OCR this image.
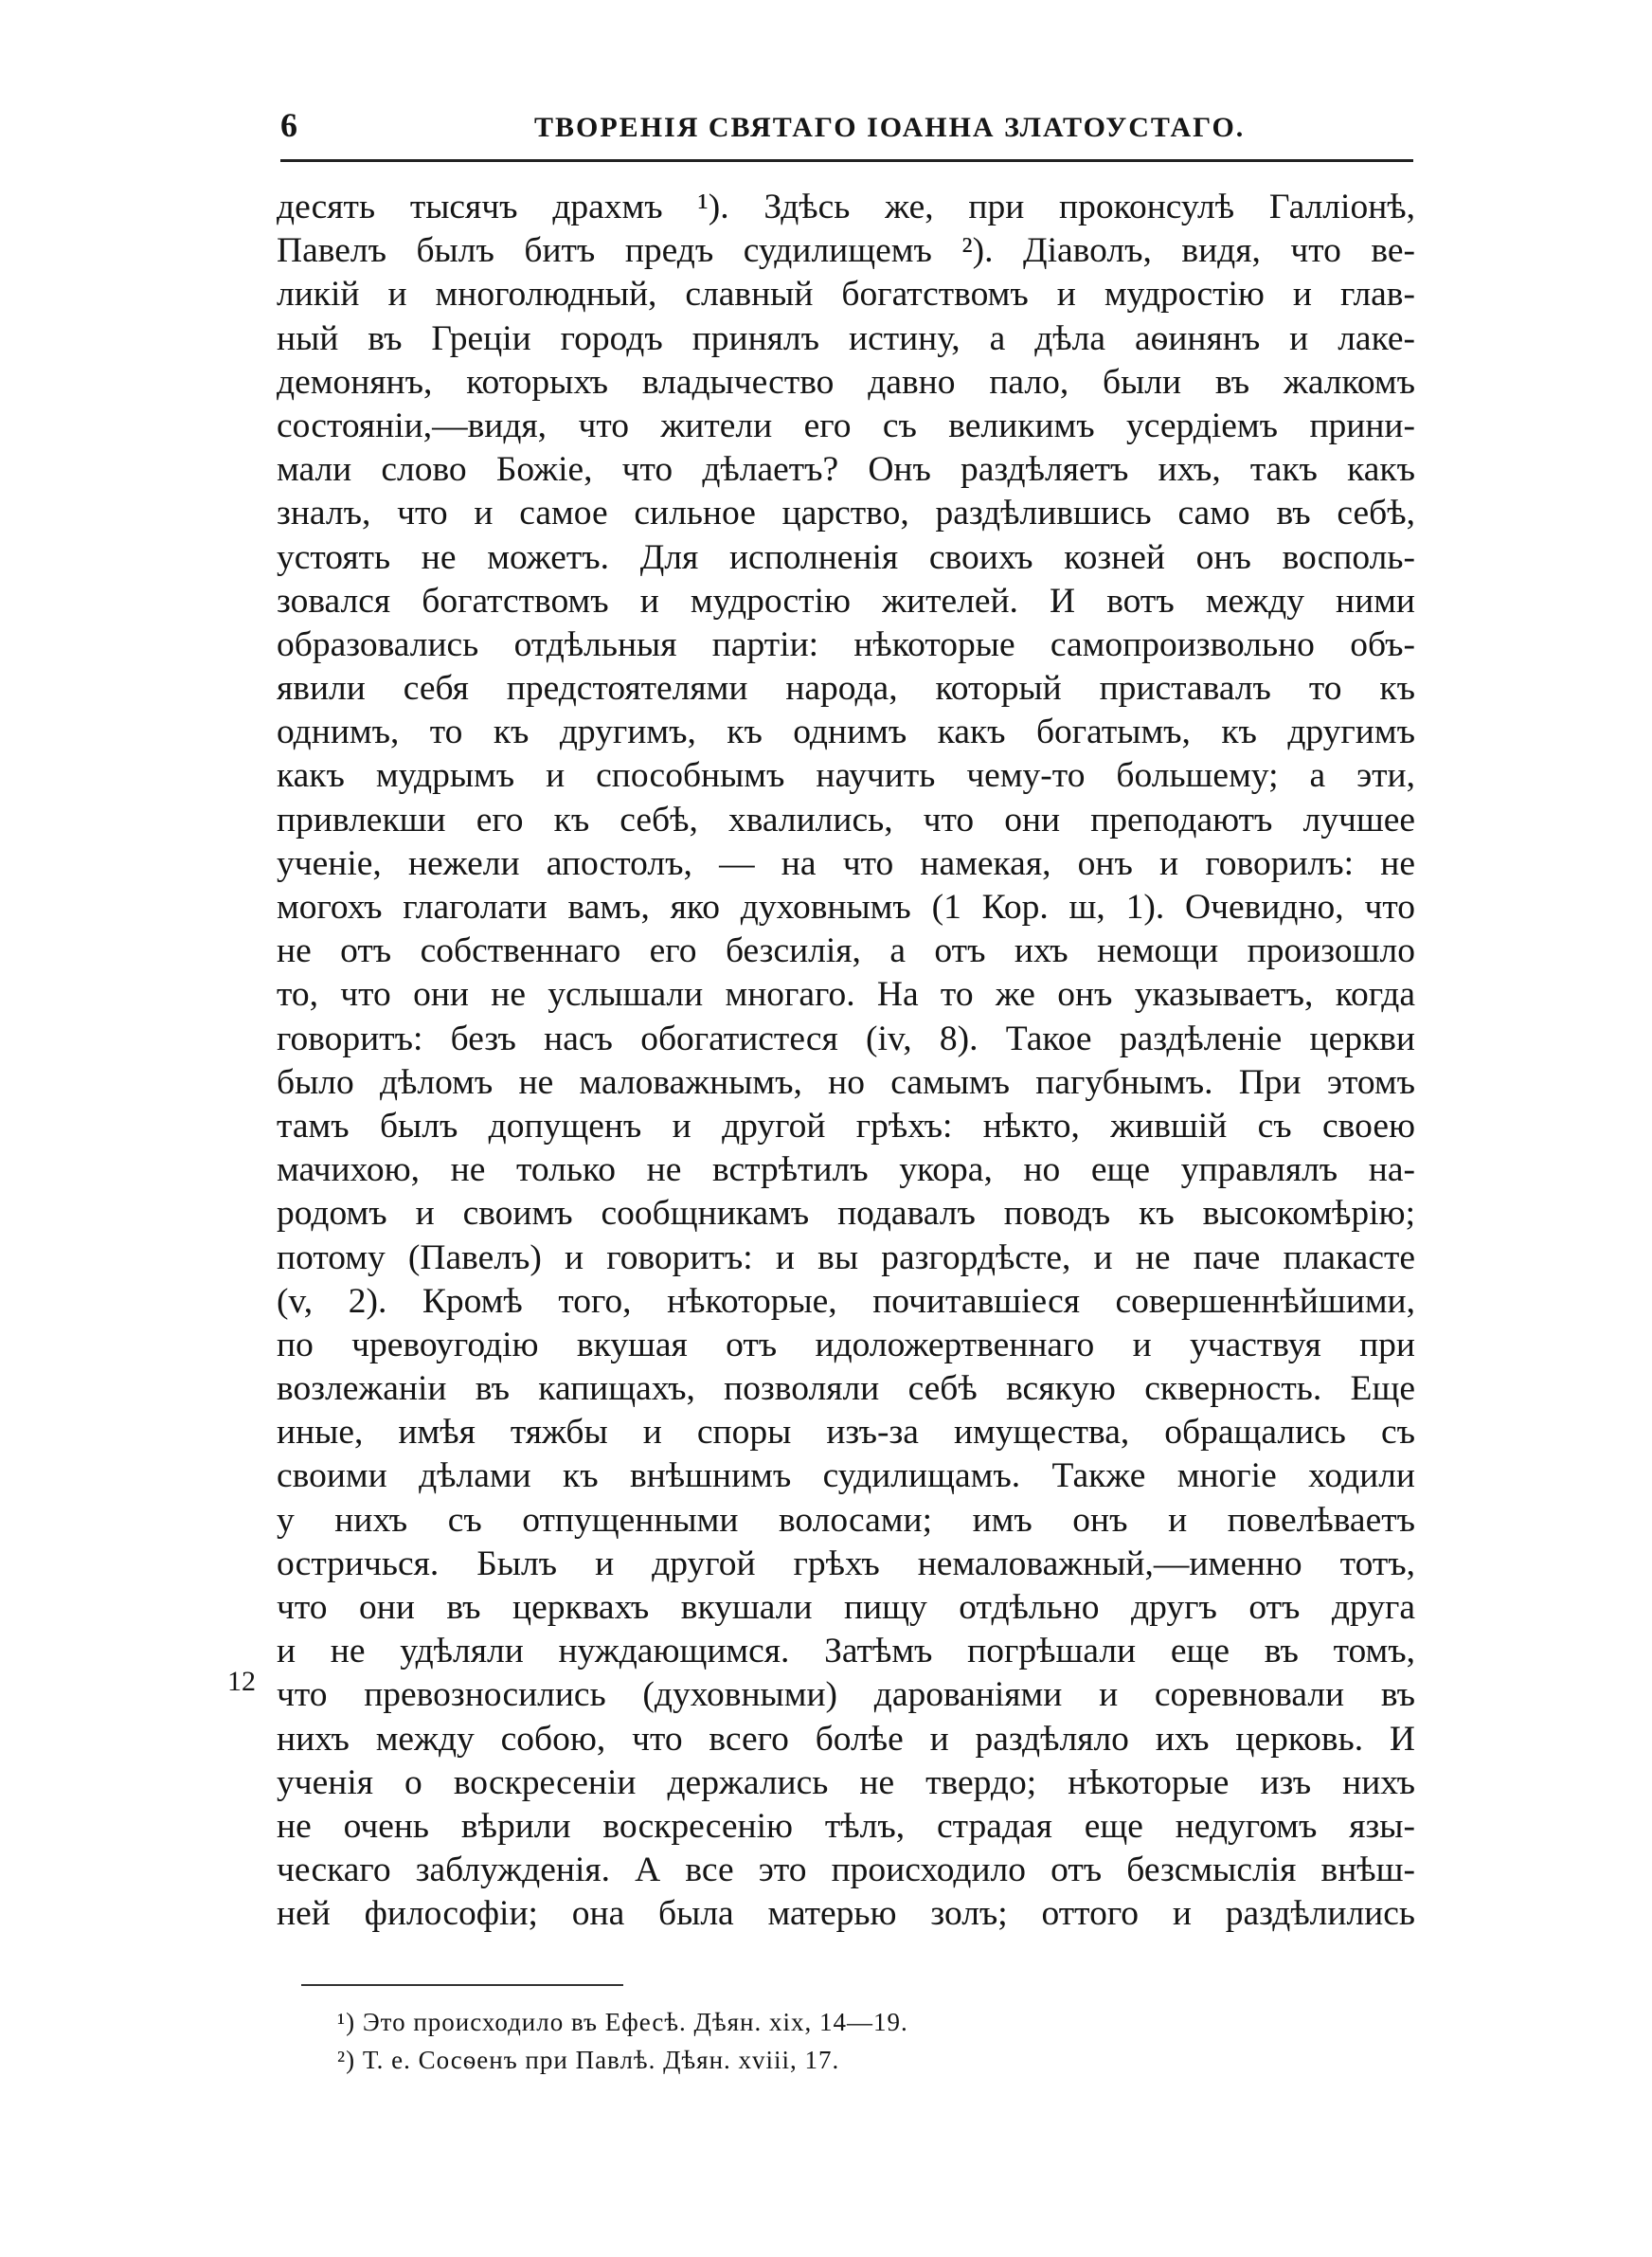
6	ТВОРЕНІЯ СВЯТАГО ІОАННА ЗЛАТОУСТАГО.
12
десять тысячъ драхмъ ¹). Здѣсь же, при проконсулѣ Галліонѣ,
Павелъ былъ битъ предъ судилищемъ ²). Діаволъ, видя, что ве-
ликій и многолюдный, славный богатствомъ и мудростію и глав-
ный въ Греціи городъ принялъ истину, а дѣла аѳинянъ и лаке-
демонянъ, которыхъ владычество давно пало, были въ жалкомъ
состояніи,—видя, что жители его съ великимъ усердіемъ прини-
мали слово Божіе, что дѣлаетъ? Онъ раздѣляетъ ихъ, такъ какъ
зналъ, что и самое сильное царство, раздѣлившись само въ себѣ,
устоять не можетъ. Для исполненія своихъ козней онъ восполь-
зовался богатствомъ и мудростію жителей. И вотъ между ними
образовались отдѣльныя партіи: нѣкоторые самопроизвольно объ-
явили себя предстоятелями народа, который приставалъ то къ
однимъ, то къ другимъ, къ однимъ какъ богатымъ, къ другимъ
какъ мудрымъ и способнымъ научить чему-то большему; а эти,
привлекши его къ себѣ, хвалились, что они преподаютъ лучшее
ученіе, нежели апостолъ, — на что намекая, онъ и говорилъ: не
могохъ глаголати вамъ, яко духовнымъ (1 Кор. ш, 1). Очевидно, что
не отъ собственнаго его безсилія, а отъ ихъ немощи произошло
то, что они не услышали многаго. На то же онъ указываетъ, когда
говоритъ: безъ насъ обогатистеся (iv, 8). Такое раздѣленіе церкви
было дѣломъ не маловажнымъ, но самымъ пагубнымъ. При этомъ
тамъ былъ допущенъ и другой грѣхъ: нѣкто, жившій съ своею
мачихою, не только не встрѣтилъ укора, но еще управлялъ на-
родомъ и своимъ сообщникамъ подавалъ поводъ къ высокомѣрію;
потому (Павелъ) и говоритъ: и вы разгордѣсте, и не паче плакасте
(v, 2). Кромѣ того, нѣкоторые, почитавшіеся совершеннѣйшими,
по чревоугодію вкушая отъ идоложертвеннаго и участвуя при
возлежаніи въ капищахъ, позволяли себѣ всякую скверность. Еще
иные, имѣя тяжбы и споры изъ-за имущества, обращались съ
своими дѣлами къ внѣшнимъ судилищамъ. Также многіе ходили
у нихъ съ отпущенными волосами; имъ онъ и повелѣваетъ
остричься. Былъ и другой грѣхъ немаловажный,—именно тотъ,
что они въ церквахъ вкушали пищу отдѣльно другъ отъ друга
и не удѣляли нуждающимся. Затѣмъ погрѣшали еще въ томъ,
что превозносились (духовными) дарованіями и соревновали въ
нихъ между собою, что всего болѣе и раздѣляло ихъ церковь. И
ученія о воскресеніи держались не твердо; нѣкоторые изъ нихъ
не очень вѣрили воскресенію тѣлъ, страдая еще недугомъ язы-
ческаго заблужденія. А все это происходило отъ безсмыслія внѣш-
ней философіи; она была матерью золъ; оттого и раздѣлились
¹) Это происходило въ Ефесѣ. Дѣян. xix, 14—19.
²) Т. е. Сосѳенъ при Павлѣ. Дѣян. xviii, 17.
